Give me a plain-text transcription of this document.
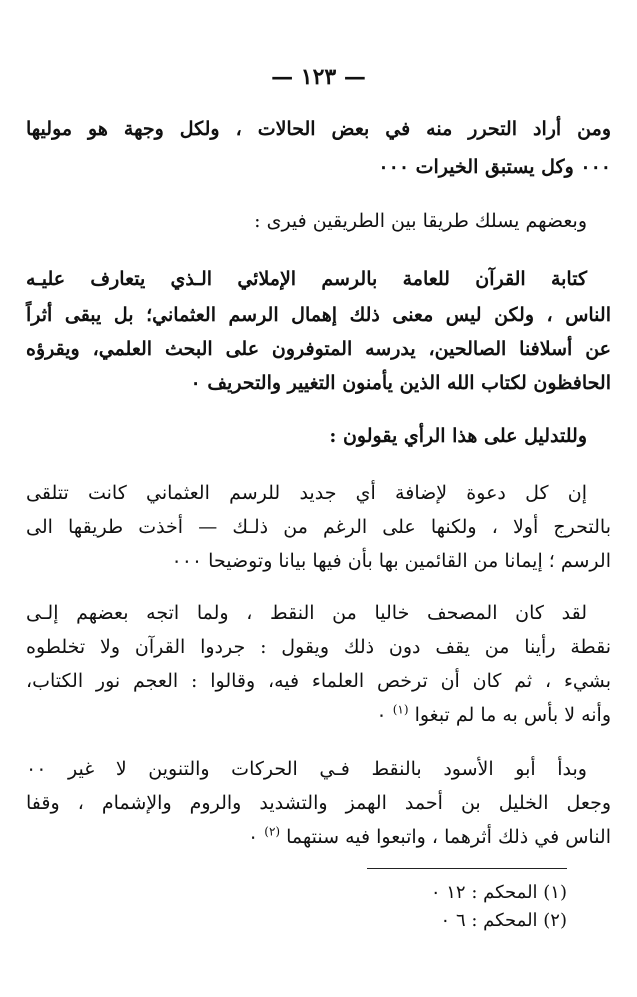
— ١٢٣ —
ومن أراد التحرر منه في بعض الحالات ، ولكل وجهة هو موليها
٠٠٠ وكل يستبق الخيرات ٠٠٠
وبعضهم يسلك طريقا بين الطريقين فيرى :
كتابة القرآن للعامة بالرسم الإملائي الـذي يتعارف عليـه
الناس ، ولكن ليس معنى ذلك إهمال الرسم العثماني؛ بل يبقى أثراً
عن أسلافنا الصالحين، يدرسه المتوفرون على البحث العلمي، ويقرؤه
الحافظون لكتاب الله الذين يأمنون التغيير والتحريف ٠
وللتدليل على هذا الرأي يقولون :
إن كل دعوة لإضافة أي جديد للرسم العثماني كانت تتلقى
بالتحرج أولا ، ولكنها على الرغم من ذلـك — أخذت طريقها الى
الرسم ؛ إيمانا من القائمين بها بأن فيها بيانا وتوضيحا ٠٠٠
لقد كان المصحف خاليا من النقط ، ولما اتجه بعضهم إلـى
نقطة رأينا من يقف دون ذلك ويقول : جردوا القرآن ولا تخلطوه
بشيء ، ثم كان أن ترخص العلماء فيه، وقالوا : العجم نور الكتاب،
وأنه لا بأس به ما لم تبغوا $^{(١)}$ ٠
وبدأ أبو الأسود بالنقط فـي الحركات والتنوين لا غير ٠٠
وجعل الخليل بن أحمد الهمز والتشديد والروم والإشمام ، وقفا
الناس في ذلك أثرهما ، واتبعوا فيه سنتهما $^{(٢)}$ ٠
(١) المحكم : ١٢ ٠
(٢) المحكم : ٦ ٠
